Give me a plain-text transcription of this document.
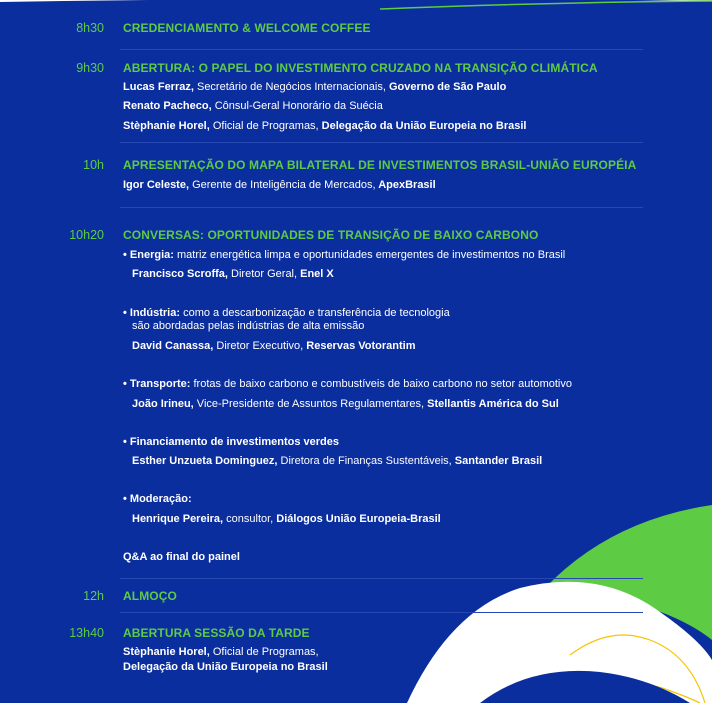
8h30 CREDENCIAMENTO & WELCOME COFFEE
9h30 ABERTURA: O PAPEL DO INVESTIMENTO CRUZADO NA TRANSIÇÃO CLIMÁTICA
Lucas Ferraz, Secretário de Negócios Internacionais, Governo de São Paulo
Renato Pacheco, Cônsul-Geral Honorário da Suécia
Stèphanie Horel, Oficial de Programas, Delegação da União Europeia no Brasil
10h APRESENTAÇÃO DO MAPA BILATERAL DE INVESTIMENTOS BRASIL-UNIÃO EUROPÉIA
Igor Celeste, Gerente de Inteligência de Mercados, ApexBrasil
10h20 CONVERSAS: OPORTUNIDADES DE TRANSIÇÃO DE BAIXO CARBONO
• Energia: matriz energética limpa e oportunidades emergentes de investimentos no Brasil
Francisco Scroffa, Diretor Geral, Enel X
• Indústria: como a descarbonização e transferência de tecnologia
são abordadas pelas indústrias de alta emissão
David Canassa, Diretor Executivo, Reservas Votorantim
• Transporte: frotas de baixo carbono e combustíveis de baixo carbono no setor automotivo
João Irineu, Vice-Presidente de Assuntos Regulamentares, Stellantis América do Sul
• Financiamento de investimentos verdes
Esther Unzueta Dominguez, Diretora de Finanças Sustentáveis, Santander Brasil
• Moderação:
Henrique Pereira, consultor, Diálogos União Europeia-Brasil
Q&A ao final do painel
12h ALMOÇO
13h40 ABERTURA SESSÃO DA TARDE
Stèphanie Horel, Oficial de Programas,
Delegação da União Europeia no Brasil
